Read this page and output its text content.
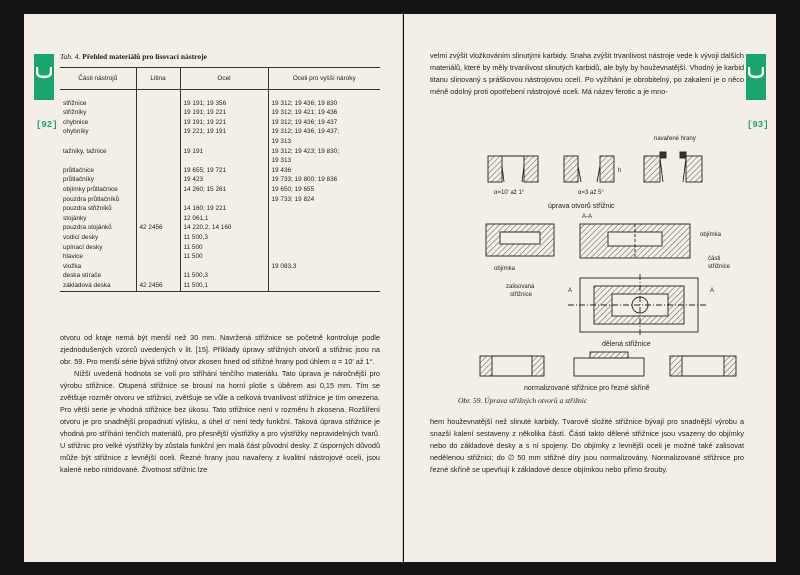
[92]
Tab. 4. Přehled materiálů pro lisovací nástroje
Části nástrojů	Litina	Ocel	Oceli pro vyšší nároky

střižnice		19 191; 19 356	19 312; 19 436; 19 830
střižníky		19 191; 19 221	19 312; 19 421; 19 436
chybnice		19 191; 19 221	19 312; 19 436; 19 437
ohybníky		19 221; 19 191	19 312; 19 436; 19 437;
			19 313
tažníky, tažnice		19 191	19 312; 19 423; 19 830;
			19 313
průtlačnice		19 655; 19 721	19 436
průtlačníky		19 423	19 733; 19 800; 19 836
objímky průtlačnice		14 260; 15 261	19 650; 19 655
pouzdra průtlačníků			19 733; 19 824
pouzdra střižníků		14 160; 19 221	
stojánky		12 061,1	
pouzdra stojánků	42 2456	14 220,2; 14 160	
vodicí desky		11 500,3	
upínací desky		11 500	
hlavice		11 500	
vložka			19 083,3
deska stírače		11 500,3	
základová deska	42 2456	11 500,1	

otvoru od kraje nemá být menší než 30 mm. Navržená střižnice se početně kontroluje podle zjednodušených vzorců uvedených v lit. [15]. Příklady úpravy střižných otvorů a střižnic jsou na obr. 59. Pro menší série bývá střižný otvor zkosen hned od střižné hrany pod úhlem α = 10′ až 1°.

Nížší uvedená hodnota se volí pro stříhání tenčího materiálu. Tato úprava je náročnější pro výrobu střižnice. Otupená střižnice se brousí na horní ploše s úběrem asi 0,15 mm. Tím se zvětšuje rozměr otvoru ve střižnici, zvětšuje se vůle a celková trvanlivost střižnice je tím omezena. Pro větší serie je vhodná střižnice bez úkosu. Tato střižnice není v rozměru h zkosena. Rozšíření otvoru je pro snadnější propadnutí výlisku, a úhel α′ není tedy funkční. Taková úprava střižnice je vhodná pro stříhání tenčích materiálů, pro přesnější výstřižky a pro výstřižky nepravidelných tvarů. U střižnic pro velké výstřižky by zůstala funkční jen malá část původní desky. Z úsporných důvodů může být střižnice z levnější oceli. Řezné hrany jsou navařeny z kvalitní nástrojové oceli, jsou kalené nebo nitridované. Životnost střižnic lze

[93]

velmi zvýšit vložkováním slinutými karbidy. Snaha zvýšit trvanlivost nástroje vede k vývoji dalších materiálů, které by měly trvanlivost slinutých karbidů, ale byly by houževnatější. Vhodný je karbid titanu slinovaný s práškovou nástrojovou ocelí. Po vyžíhání je obrobitelný, po zakalení je o něco méně odolný proti opotřebení nástrojové oceli. Má název ferotic a je mno-

navařené hrany
α=10′ až 1°	α=3 až 5°
h
úprava otvorů střižnic
A-A
objímka
objímka
části
střižnice
zalisovaná
střižnice
A	A
dělená střižnice
normalizované střižnice pro řezné skříně
Obr. 59. Úprava střižných otvorů a střižnic

hem houževnatější než slinuté karbidy. Tvarově složité střižnice bývají pro snadnější výrobu a snazší kalení sestaveny z několika částí. Části takto dělené střižnice jsou vsazeny do objímky nebo do základové desky a s ní spojeny. Do objímky z levnější oceli je možné také zalisovat nedělenou střižnici; do ∅ 50 mm střižné díry jsou normalizovány. Normalizované střižnice pro řezné skříně se upevňují k základové desce objímkou nebo přímo šrouby.
